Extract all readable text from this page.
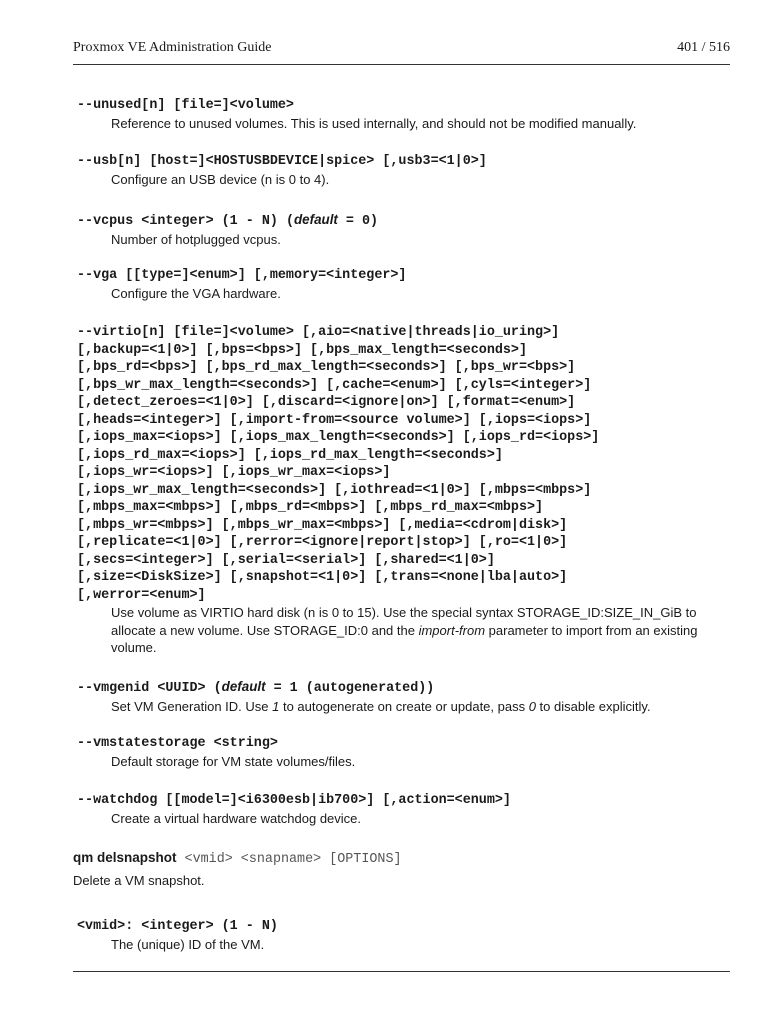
Proxmox VE Administration Guide	401 / 516
--unused[n] [file=]<volume>
Reference to unused volumes. This is used internally, and should not be modified manually.
--usb[n] [host=]<HOSTUSBDEVICE|spice> [,usb3=<1|0>]
Configure an USB device (n is 0 to 4).
--vcpus <integer> (1 - N) (default = 0)
Number of hotplugged vcpus.
--vga [[type=]<enum>] [,memory=<integer>]
Configure the VGA hardware.
--virtio[n] [file=]<volume> [,aio=<native|threads|io_uring>]
[,backup=<1|0>] [,bps=<bps>] [,bps_max_length=<seconds>]
[,bps_rd=<bps>] [,bps_rd_max_length=<seconds>] [,bps_wr=<bps>]
[,bps_wr_max_length=<seconds>] [,cache=<enum>] [,cyls=<integer>]
[,detect_zeroes=<1|0>] [,discard=<ignore|on>] [,format=<enum>]
[,heads=<integer>] [,import-from=<source volume>] [,iops=<iops>]
[,iops_max=<iops>] [,iops_max_length=<seconds>] [,iops_rd=<iops>]
[,iops_rd_max=<iops>] [,iops_rd_max_length=<seconds>]
[,iops_wr=<iops>] [,iops_wr_max=<iops>]
[,iops_wr_max_length=<seconds>] [,iothread=<1|0>] [,mbps=<mbps>]
[,mbps_max=<mbps>] [,mbps_rd=<mbps>] [,mbps_rd_max=<mbps>]
[,mbps_wr=<mbps>] [,mbps_wr_max=<mbps>] [,media=<cdrom|disk>]
[,replicate=<1|0>] [,rerror=<ignore|report|stop>] [,ro=<1|0>]
[,secs=<integer>] [,serial=<serial>] [,shared=<1|0>]
[,size=<DiskSize>] [,snapshot=<1|0>] [,trans=<none|lba|auto>]
[,werror=<enum>]
Use volume as VIRTIO hard disk (n is 0 to 15). Use the special syntax STORAGE_ID:SIZE_IN_GiB to allocate a new volume. Use STORAGE_ID:0 and the import-from parameter to import from an existing volume.
--vmgenid <UUID> (default = 1 (autogenerated))
Set VM Generation ID. Use 1 to autogenerate on create or update, pass 0 to disable explicitly.
--vmstatestorage <string>
Default storage for VM state volumes/files.
--watchdog [[model=]<i6300esb|ib700>] [,action=<enum>]
Create a virtual hardware watchdog device.
qm delsnapshot <vmid> <snapname> [OPTIONS]
Delete a VM snapshot.
<vmid>: <integer> (1 - N)
The (unique) ID of the VM.
